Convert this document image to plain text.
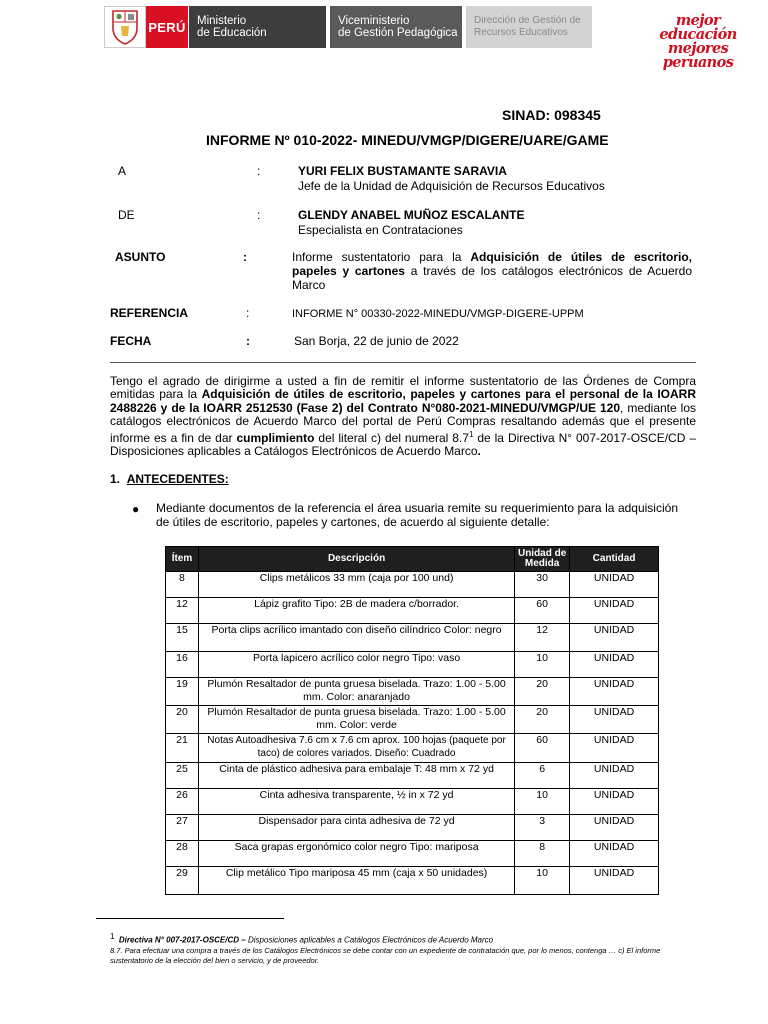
PERÚ Ministerio
de Educación
Viceministerio
de Gestión Pedagógica
Dirección de Gestión de
Recursos Educativos
mejor
educación
mejores
peruanos
SINAD: 098345
INFORME Nº 010-2022- MINEDU/VMGP/DIGERE/UARE/GAME
A	:	YURI FELIX BUSTAMANTE SARAVIA
Jefe de la Unidad de Adquisición de Recursos Educativos
DE	:	GLENDY ANABEL MUÑOZ ESCALANTE
Especialista en Contrataciones
ASUNTO	:	Informe sustentatorio para la Adquisición de útiles de escritorio, papeles y cartones a través de los catálogos electrónicos de Acuerdo Marco
REFERENCIA	:	INFORME N° 00330-2022-MINEDU/VMGP-DIGERE-UPPM
FECHA	:	San Borja, 22 de junio de 2022
Tengo el agrado de dirigirme a usted a fin de remitir el informe sustentatorio de las Órdenes de Compra emitidas para la Adquisición de útiles de escritorio, papeles y cartones para el personal de la IOARR 2488226 y de la IOARR 2512530 (Fase 2) del Contrato N°080-2021-MINEDU/VMGP/UE 120, mediante los catálogos electrónicos de Acuerdo Marco del portal de Perú Compras resaltando además que el presente informe es a fin de dar cumplimiento del literal c) del numeral $8.7^1$ de la Directiva N° 007-2017-OSCE/CD – Disposiciones aplicables a Catálogos Electrónicos de Acuerdo Marco.
1. ANTECEDENTES:
● Mediante documentos de la referencia el área usuaria remite su requerimiento para la adquisición de útiles de escritorio, papeles y cartones, de acuerdo al siguiente detalle:
Ítem	Descripción	Unidad de Medida	Cantidad
8	Clips metálicos 33 mm (caja por 100 und)	30	UNIDAD
12	Lápiz grafito Tipo: 2B de madera c/borrador.	60	UNIDAD
15	Porta clips acrílico imantado con diseño cilíndrico Color: negro	12	UNIDAD
16	Porta lapicero acrílico color negro Tipo: vaso	10	UNIDAD
19	Plumón Resaltador de punta gruesa biselada. Trazo: 1.00 - 5.00 mm. Color: anaranjado	20	UNIDAD
20	Plumón Resaltador de punta gruesa biselada. Trazo: 1.00 - 5.00 mm. Color: verde	20	UNIDAD
21	Notas Autoadhesiva 7.6 cm x 7.6 cm aprox. 100 hojas (paquete por taco) de colores variados. Diseño: Cuadrado	60	UNIDAD
25	Cinta de plástico adhesiva para embalaje T: 48 mm x 72 yd	6	UNIDAD
26	Cinta adhesiva transparente, ½ in x 72 yd	10	UNIDAD
27	Dispensador para cinta adhesiva de 72 yd	3	UNIDAD
28	Saca grapas ergonómico color negro Tipo: mariposa	8	UNIDAD
29	Clip metálico Tipo mariposa 45 mm (caja x 50 unidades)	10	UNIDAD
$^1$ Directiva N° 007-2017-OSCE/CD – Disposiciones aplicables a Catálogos Electrónicos de Acuerdo Marco
8.7. Para efectuar una compra a través de los Catálogos Electrónicos se debe contar con un expediente de contratación que, por lo menos, contenga … c) El informe sustentatorio de la elección del bien o servicio, y de proveedor.
